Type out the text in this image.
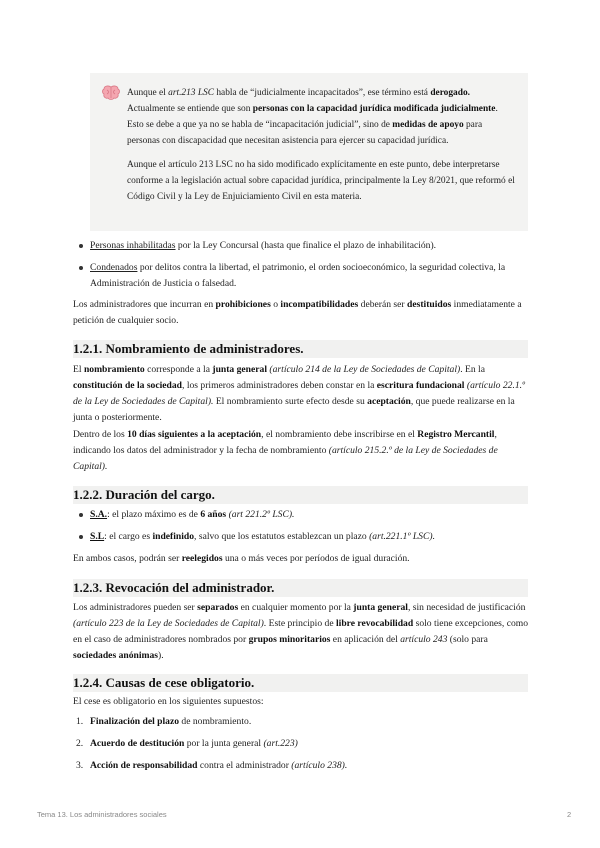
Aunque el art.213 LSC habla de “judicialmente incapacitados”, ese término está derogado. Actualmente se entiende que son personas con la capacidad jurídica modificada judicialmente. Esto se debe a que ya no se habla de “incapacitación judicial”, sino de medidas de apoyo para personas con discapacidad que necesitan asistencia para ejercer su capacidad jurídica.

Aunque el artículo 213 LSC no ha sido modificado explícitamente en este punto, debe interpretarse conforme a la legislación actual sobre capacidad jurídica, principalmente la Ley 8/2021, que reformó el Código Civil y la Ley de Enjuiciamiento Civil en esta materia.

Personas inhabilitadas por la Ley Concursal (hasta que finalice el plazo de inhabilitación).
Condenados por delitos contra la libertad, el patrimonio, el orden socioeconómico, la seguridad colectiva, la Administración de Justicia o falsedad.

Los administradores que incurran en prohibiciones o incompatibilidades deberán ser destituidos inmediatamente a petición de cualquier socio.

1.2.1. Nombramiento de administradores.

El nombramiento corresponde a la junta general (artículo 214 de la Ley de Sociedades de Capital). En la constitución de la sociedad, los primeros administradores deben constar en la escritura fundacional (artículo 22.1.º de la Ley de Sociedades de Capital). El nombramiento surte efecto desde su aceptación, que puede realizarse en la junta o posteriormente.

Dentro de los 10 días siguientes a la aceptación, el nombramiento debe inscribirse en el Registro Mercantil, indicando los datos del administrador y la fecha de nombramiento (artículo 215.2.º de la Ley de Sociedades de Capital).

1.2.2. Duración del cargo.
S.A.: el plazo máximo es de 6 años (art 221.2º LSC).
S.L: el cargo es indefinido, salvo que los estatutos establezcan un plazo (art.221.1º LSC).

En ambos casos, podrán ser reelegidos una o más veces por períodos de igual duración.

1.2.3. Revocación del administrador.

Los administradores pueden ser separados en cualquier momento por la junta general, sin necesidad de justificación (artículo 223 de la Ley de Sociedades de Capital). Este principio de libre revocabilidad solo tiene excepciones, como en el caso de administradores nombrados por grupos minoritarios en aplicación del artículo 243 (solo para sociedades anónimas).

1.2.4. Causas de cese obligatorio.

El cese es obligatorio en los siguientes supuestos:

1. Finalización del plazo de nombramiento.
2. Acuerdo de destitución por la junta general (art.223)
3. Acción de responsabilidad contra el administrador (artículo 238).
Tema 13. Los administradores sociales	2
